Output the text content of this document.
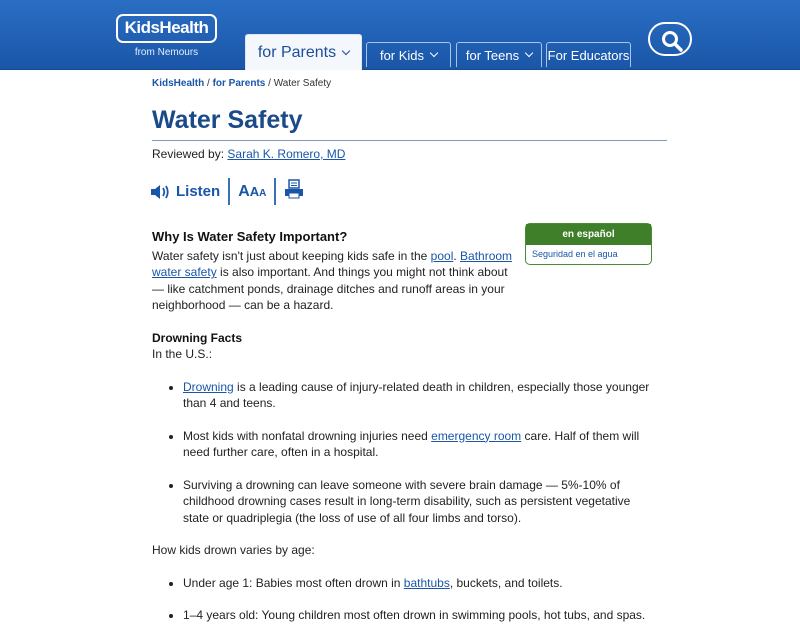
KidsHealth
from Nemours	for Parents	for Kids	for Teens For Educators
KidsHealth / for Parents / Water Safety
Water Safety
Reviewed by: Sarah K. Romero, MD
Listen A A A
en español
Seguridad en el agua
Why Is Water Safety Important?

Water safety isn't just about keeping kids safe in the pool. Bathroom water safety is also important. And things you might not think about — like catchment ponds, drainage ditches and runoff areas in your neighborhood — can be a hazard.

Drowning Facts

In the U.S.:

• Drowning is a leading cause of injury-related death in children, especially those younger than 4 and teens.
• Most kids with nonfatal drowning injuries need emergency room care. Half of them will need further care, often in a hospital.
• Surviving a drowning can leave someone with severe brain damage — 5%-10% of childhood drowning cases result in long-term disability, such as persistent vegetative state or quadriplegia (the loss of use of all four limbs and torso).

How kids drown varies by age:

• Under age 1: Babies most often drown in bathtubs, buckets, and toilets.
• 1–4 years old: Young children most often drown in swimming pools, hot tubs, and spas.
